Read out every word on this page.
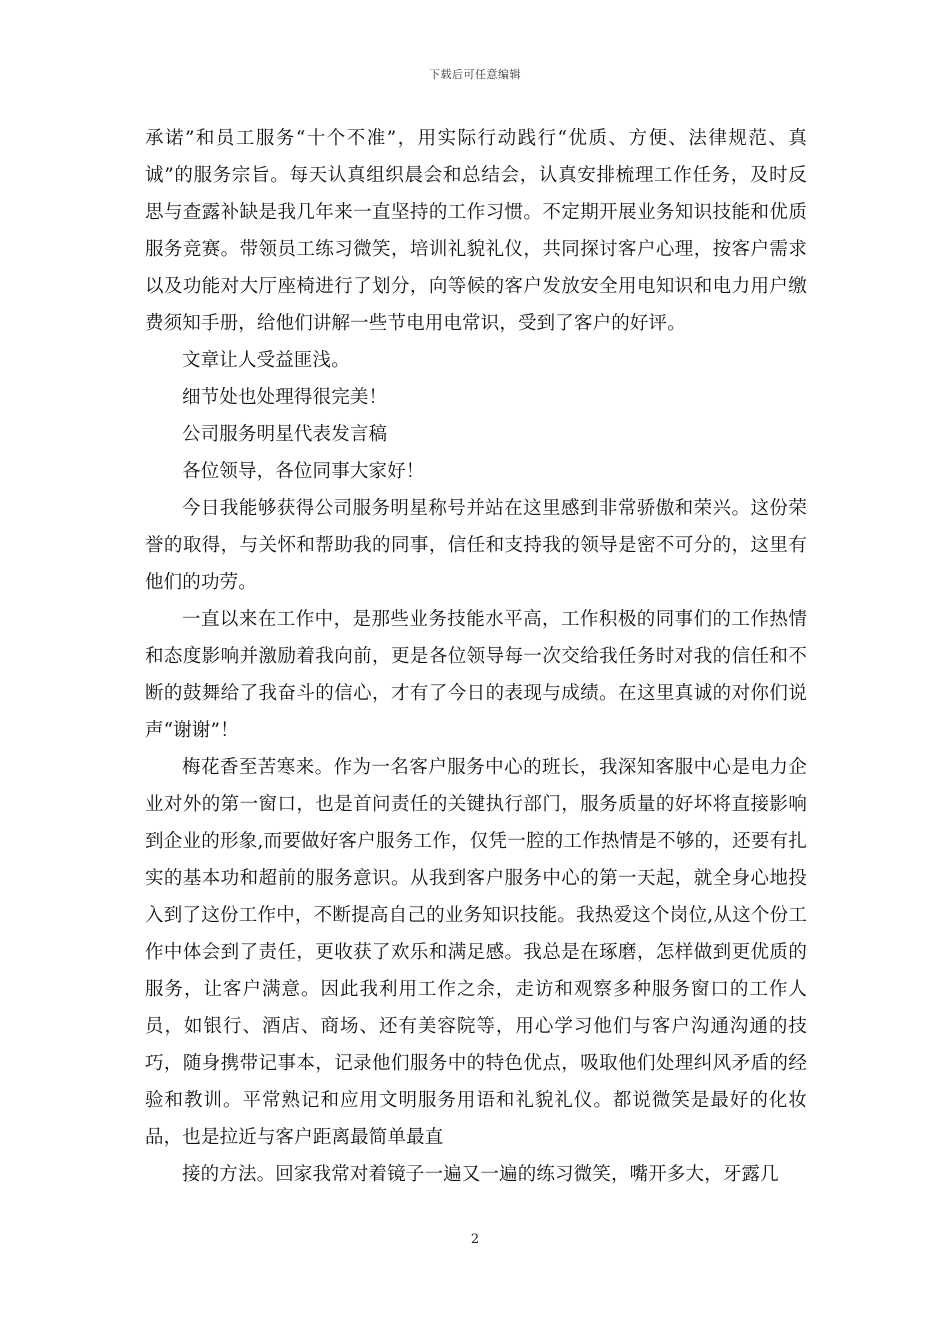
下载后可任意编辑

承诺”和员工服务“十个不准”，用实际行动践行“优质、方便、法律规范、真诚”的服务宗旨。每天认真组织晨会和总结会，认真安排梳理工作任务，及时反思与查露补缺是我几年来一直坚持的工作习惯。不定期开展业务知识技能和优质服务竞赛。带领员工练习微笑，培训礼貌礼仪，共同探讨客户心理，按客户需求以及功能对大厅座椅进行了划分，向等候的客户发放安全用电知识和电力用户缴费须知手册，给他们讲解一些节电用电常识，受到了客户的好评。

文章让人受益匪浅。

细节处也处理得很完美！

公司服务明星代表发言稿

各位领导，各位同事大家好！

今日我能够获得公司服务明星称号并站在这里感到非常骄傲和荣兴。这份荣誉的取得，与关怀和帮助我的同事，信任和支持我的领导是密不可分的，这里有他们的功劳。

一直以来在工作中，是那些业务技能水平高，工作积极的同事们的工作热情和态度影响并激励着我向前，更是各位领导每一次交给我任务时对我的信任和不断的鼓舞给了我奋斗的信心，才有了今日的表现与成绩。在这里真诚的对你们说声“谢谢”！

梅花香至苦寒来。作为一名客户服务中心的班长，我深知客服中心是电力企业对外的第一窗口，也是首问责任的关键执行部门，服务质量的好坏将直接影响到企业的形象,而要做好客户服务工作，仅凭一腔的工作热情是不够的，还要有扎实的基本功和超前的服务意识。从我到客户服务中心的第一天起，就全身心地投入到了这份工作中，不断提高自己的业务知识技能。我热爱这个岗位,从这个份工作中体会到了责任，更收获了欢乐和满足感。我总是在琢磨，怎样做到更优质的服务，让客户满意。因此我利用工作之余，走访和观察多种服务窗口的工作人员，如银行、酒店、商场、还有美容院等，用心学习他们与客户沟通沟通的技巧，随身携带记事本，记录他们服务中的特色优点，吸取他们处理纠风矛盾的经验和教训。平常熟记和应用文明服务用语和礼貌礼仪。都说微笑是最好的化妆品，也是拉近与客户距离最简单最直

接的方法。回家我常对着镜子一遍又一遍的练习微笑，嘴开多大，牙露几

2
